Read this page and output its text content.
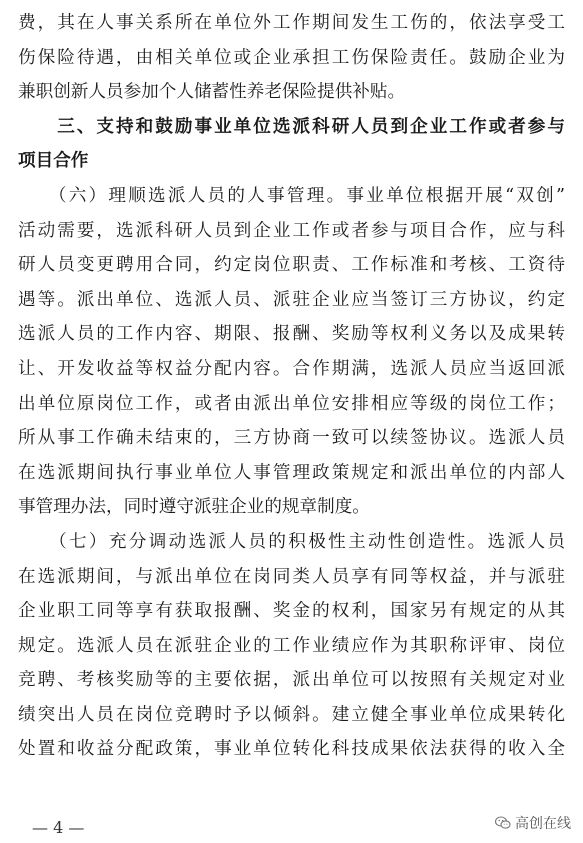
费，其在人事关系所在单位外工作期间发生工伤的，依法享受工
伤保险待遇，由相关单位或企业承担工伤保险责任。鼓励企业为
兼职创新人员参加个人储蓄性养老保险提供补贴。
　　三、支持和鼓励事业单位选派科研人员到企业工作或者参与
项目合作
　　（六）理顺选派人员的人事管理。事业单位根据开展“双创”
活动需要，选派科研人员到企业工作或者参与项目合作，应与科
研人员变更聘用合同，约定岗位职责、工作标准和考核、工资待
遇等。派出单位、选派人员、派驻企业应当签订三方协议，约定
选派人员的工作内容、期限、报酬、奖励等权利义务以及成果转
让、开发收益等权益分配内容。合作期满，选派人员应当返回派
出单位原岗位工作，或者由派出单位安排相应等级的岗位工作；
所从事工作确未结束的，三方协商一致可以续签协议。选派人员
在选派期间执行事业单位人事管理政策规定和派出单位的内部人
事管理办法，同时遵守派驻企业的规章制度。
　　（七）充分调动选派人员的积极性主动性创造性。选派人员
在选派期间，与派出单位在岗同类人员享有同等权益，并与派驻
企业职工同等享有获取报酬、奖金的权利，国家另有规定的从其
规定。选派人员在派驻企业的工作业绩应作为其职称评审、岗位
竞聘、考核奖励等的主要依据，派出单位可以按照有关规定对业
绩突出人员在岗位竞聘时予以倾斜。建立健全事业单位成果转化
处置和收益分配政策，事业单位转化科技成果依法获得的收入全
— 4 —	高创在线
